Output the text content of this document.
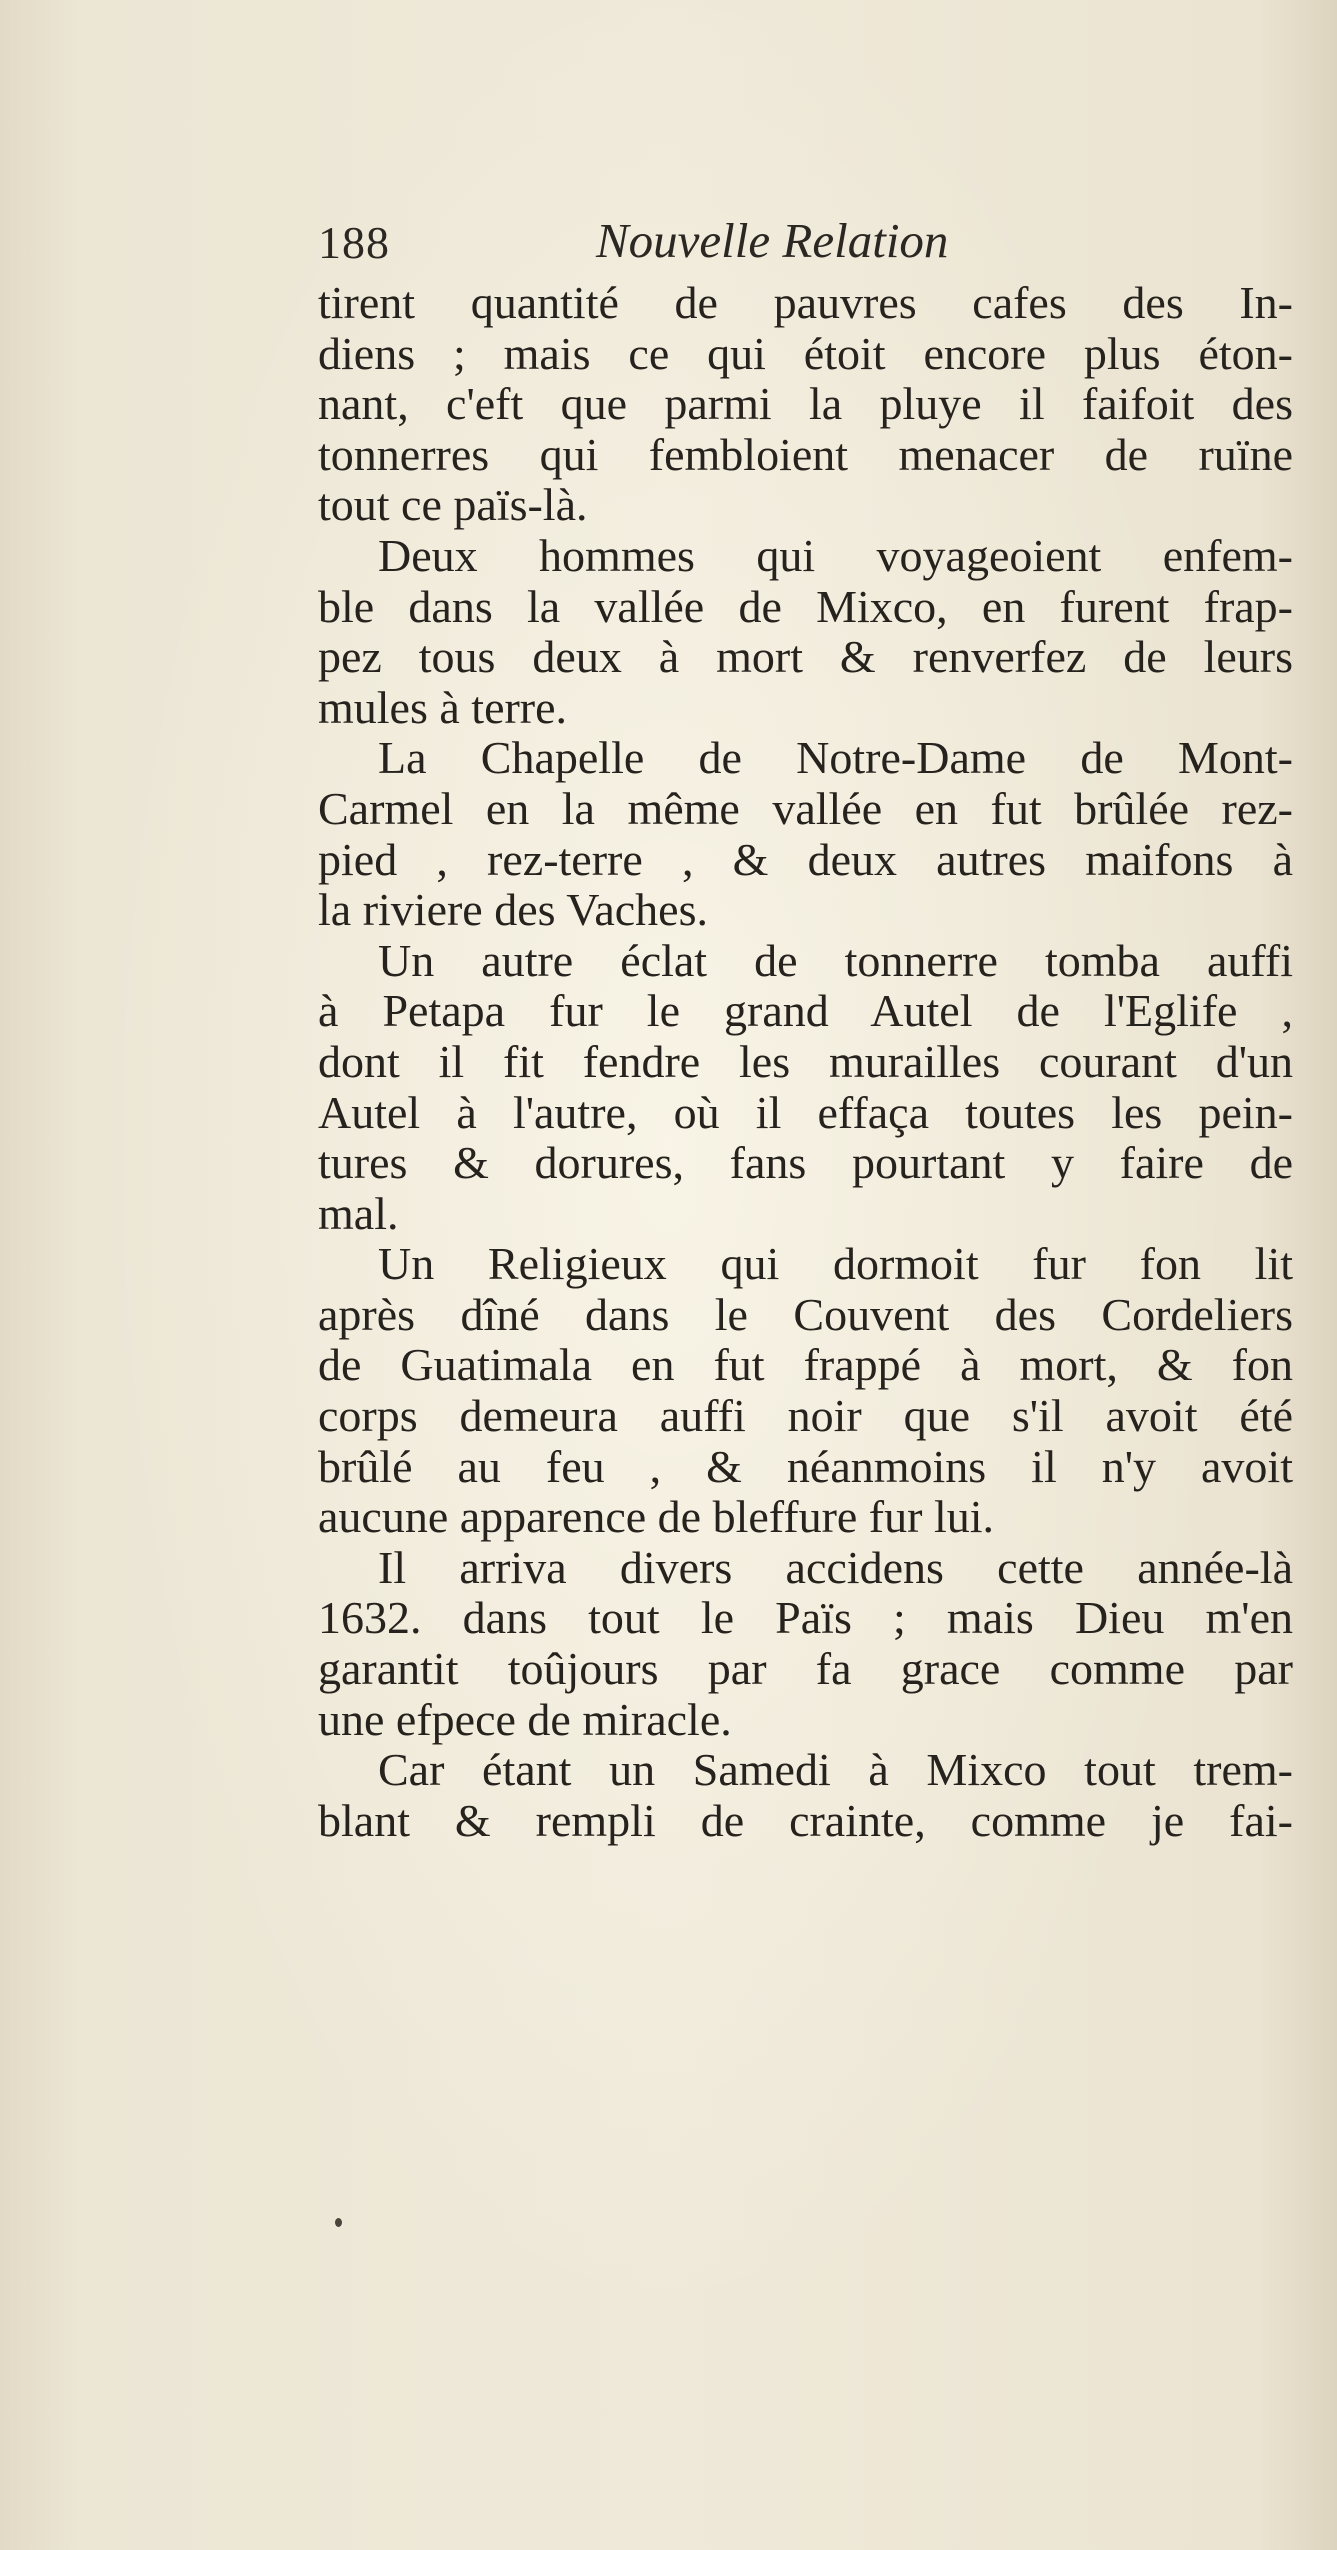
188	Nouvelle Relation
tirent quantité de pauvres cafes des In-
diens ; mais ce qui étoit encore plus éton-
nant, c'eft que parmi la pluye il faifoit des
tonnerres qui fembloient menacer de ruïne
tout ce païs-là.
Deux hommes qui voyageoient enfem-
ble dans la vallée de Mixco, en furent frap-
pez tous deux à mort & renverfez de leurs
mules à terre.
La Chapelle de Notre-Dame de Mont-
Carmel en la même vallée en fut brûlée rez-
pied , rez-terre , & deux autres maifons à
la riviere des Vaches.
Un autre éclat de tonnerre tomba auffi
à Petapa fur le grand Autel de l'Eglife ,
dont il fit fendre les murailles courant d'un
Autel à l'autre, où il effaça toutes les pein-
tures & dorures, fans pourtant y faire de
mal.
Un Religieux qui dormoit fur fon lit
après dîné dans le Couvent des Cordeliers
de Guatimala en fut frappé à mort, & fon
corps demeura auffi noir que s'il avoit été
brûlé au feu , & néanmoins il n'y avoit
aucune apparence de bleffure fur lui.
Il arriva divers accidens cette année-là
1632. dans tout le Païs ; mais Dieu m'en
garantit toûjours par fa grace comme par
une efpece de miracle.
Car étant un Samedi à Mixco tout trem-
blant & rempli de crainte, comme je fai-
